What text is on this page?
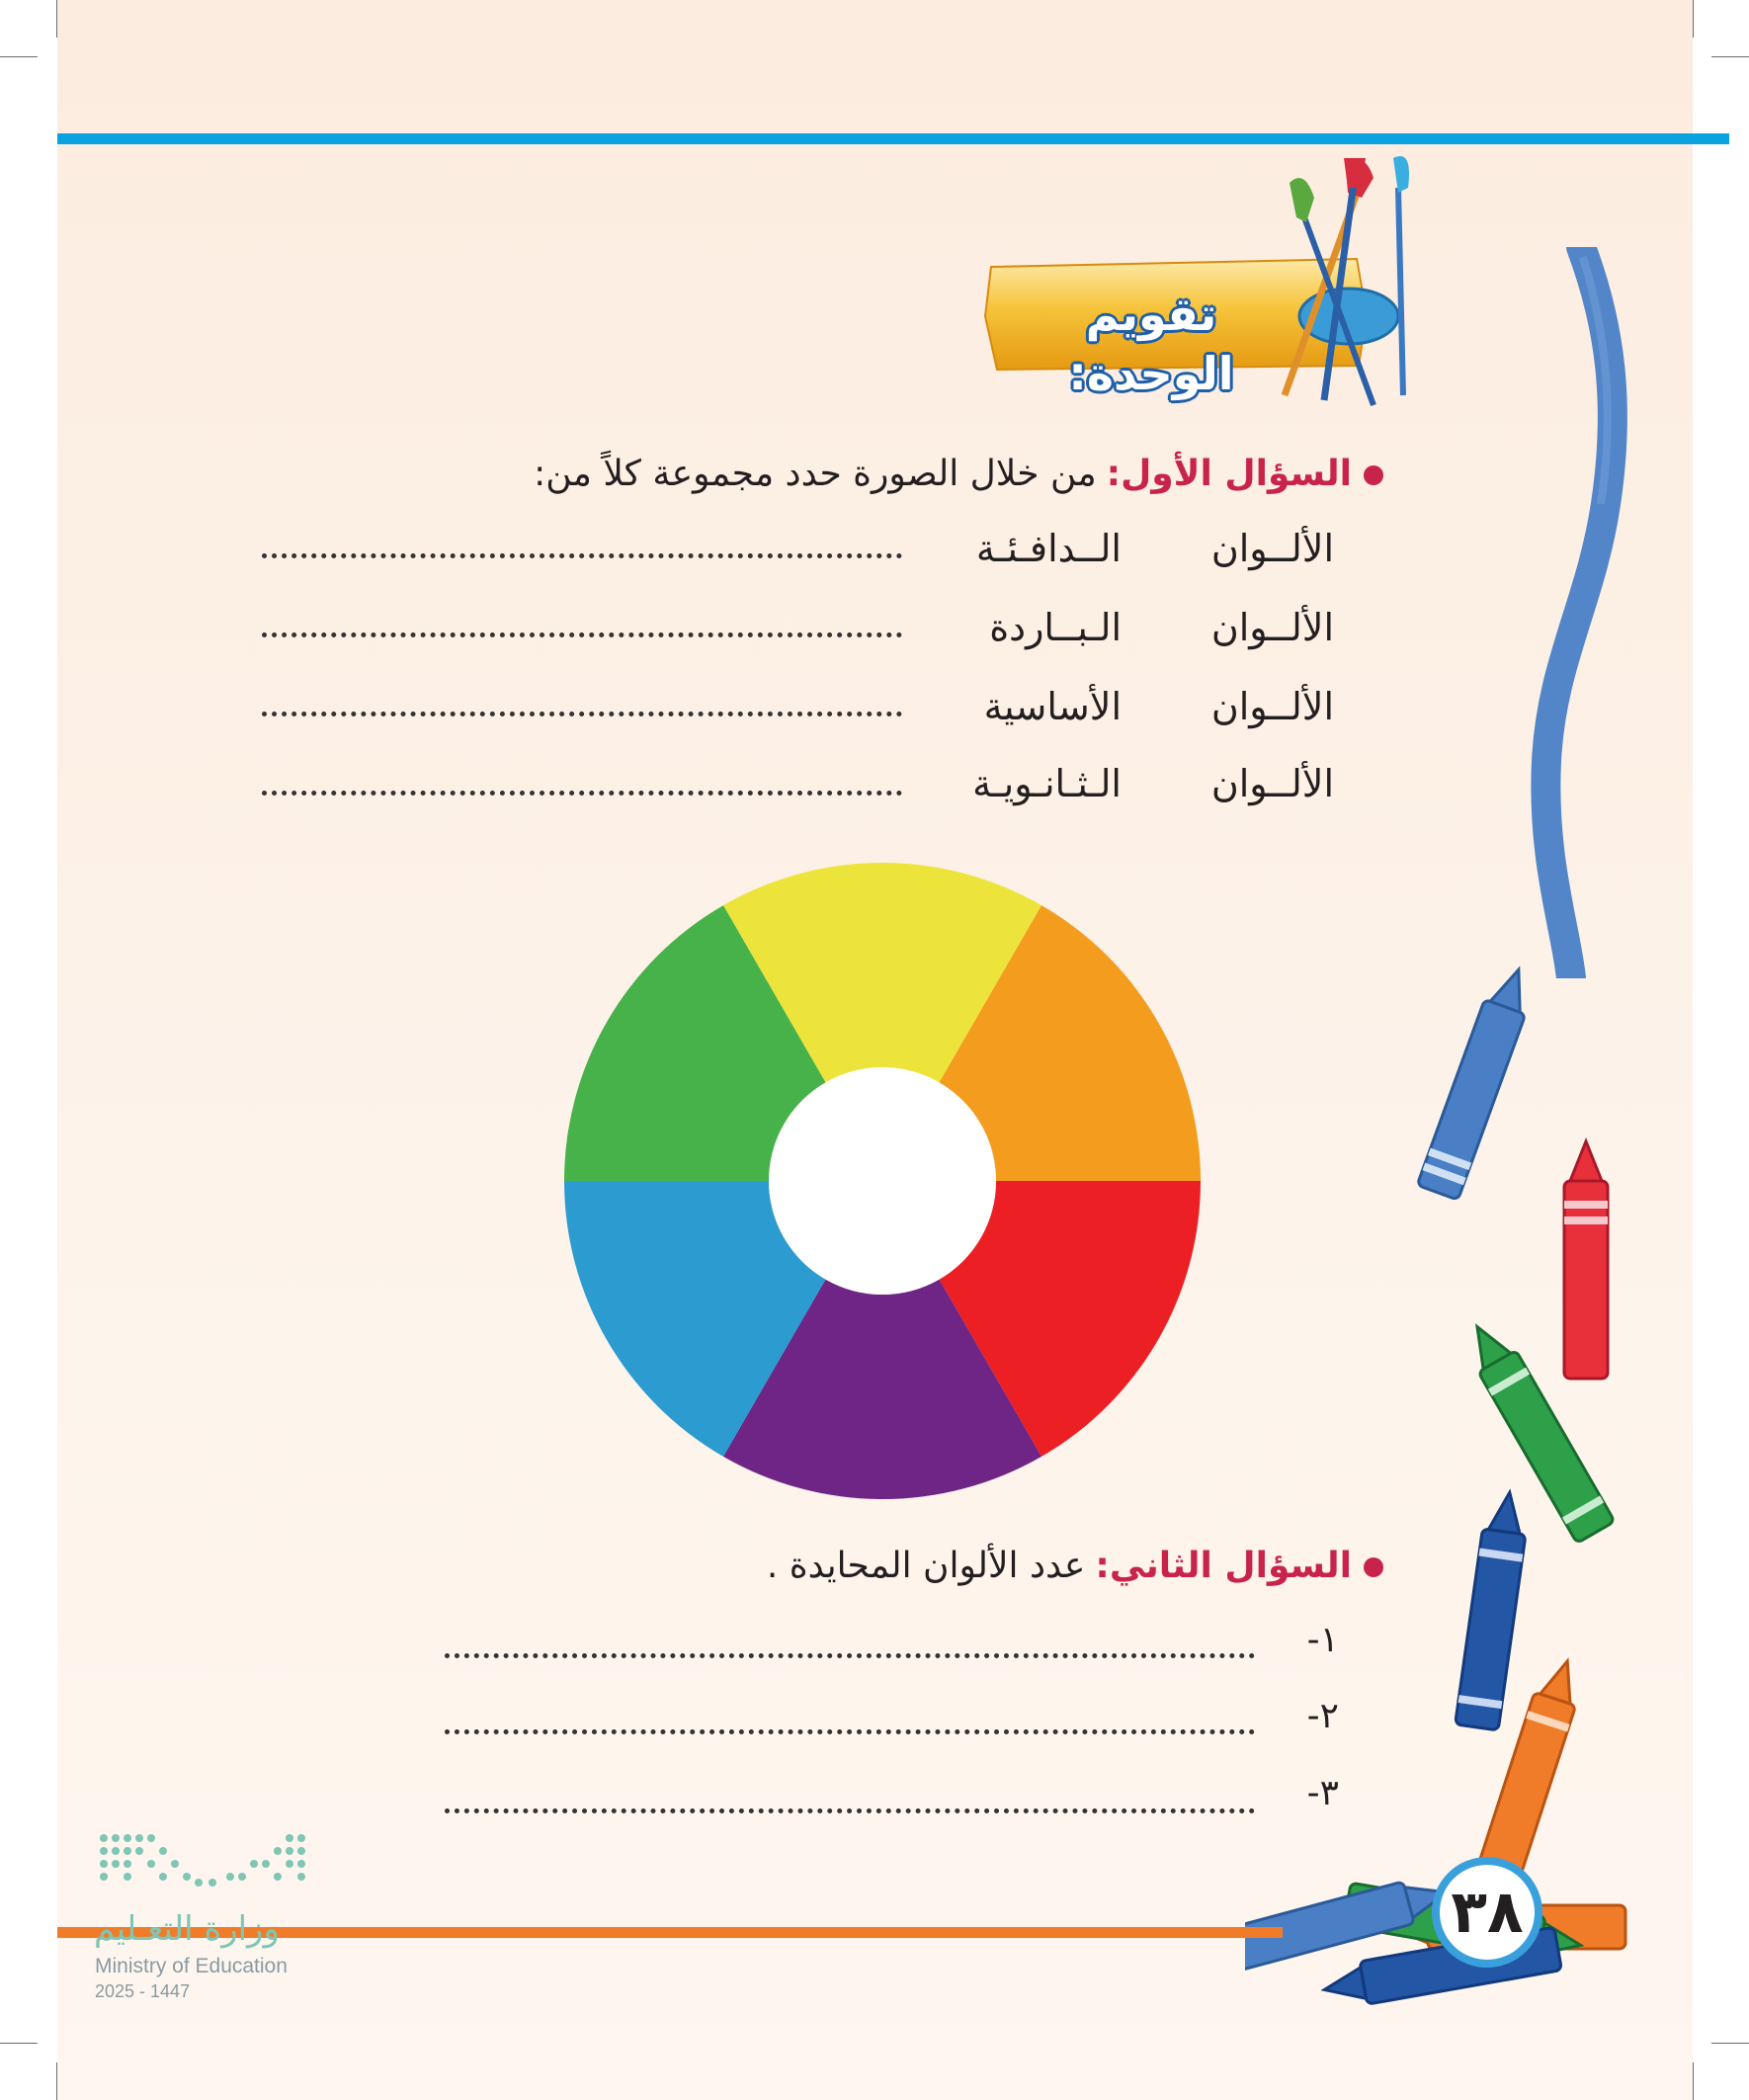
تقويم الوحدة:
السؤال الأول:من خلال الصورة حدد مجموعة كلاً من:
الألــوان
الــدافـئـة
الألــوان
الـبــاردة
الألــوان
الأساسية
الألــوان
الـثـانـويـة
السؤال الثاني:عدد الألوان المحايدة .
١-
٢-
٣-
٣٨
وزارة التعـليم
Ministry of Education
2025 - 1447
